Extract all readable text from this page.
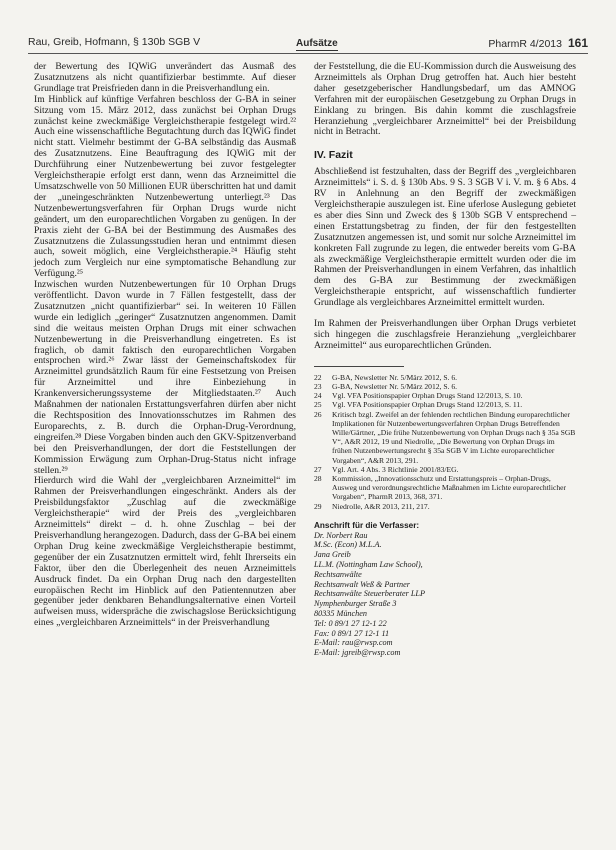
Rau, Greib, Hofmann, § 130b SGB V	Aufsätze	PharmR 4/2013 161

der Bewertung des IQWiG unverändert das Ausmaß des Zusatznutzens als nicht quantifizierbar bestimmte. Auf dieser Grundlage trat Preisfrieden dann in die Preisverhandlung ein.

Im Hinblick auf künftige Verfahren beschloss der G-BA in seiner Sitzung vom 15. März 2012, dass zunächst bei Orphan Drugs zunächst keine zweckmäßige Vergleichstherapie festgelegt wird.²² Auch eine wissenschaftliche Begutachtung durch das IQWiG findet nicht statt. Vielmehr bestimmt der G-BA selbständig das Ausmaß des Zusatznutzens. Eine Beauftragung des IQWiG mit der Durchführung einer Nutzenbewertung bei zuvor festgelegter Vergleichstherapie erfolgt erst dann, wenn das Arzneimittel die Umsatzschwelle von 50 Millionen EUR überschritten hat und damit der „uneingeschränkten Nutzenbewertung unterliegt.²³ Das Nutzenbewertungsverfahren für Orphan Drugs wurde nicht geändert, um den europarechtlichen Vorgaben zu genügen. In der Praxis zieht der G-BA bei der Bestimmung des Ausmaßes des Zusatznutzens die Zulassungsstudien heran und entnimmt diesen auch, soweit möglich, eine Vergleichstherapie.²⁴ Häufig steht jedoch zum Vergleich nur eine symptomatische Behandlung zur Verfügung.²⁵

Inzwischen wurden Nutzenbewertungen für 10 Orphan Drugs veröffentlicht. Davon wurde in 7 Fällen festgestellt, dass der Zusatznutzen „nicht quantifizierbar“ sei. In weiteren 10 Fällen wurde ein lediglich „geringer“ Zusatznutzen angenommen. Damit sind die weitaus meisten Orphan Drugs mit einer schwachen Nutzenbewertung in die Preisverhandlung eingetreten. Es ist fraglich, ob damit faktisch den europarechtlichen Vorgaben entsprochen wird.²⁶ Zwar lässt der Gemeinschaftskodex für Arzneimittel grundsätzlich Raum für eine Festsetzung von Preisen für Arzneimittel und ihre Einbeziehung in Krankenversicherungssysteme der Mitgliedstaaten.²⁷ Auch Maßnahmen der nationalen Erstattungsverfahren dürfen aber nicht die Rechtsposition des Innovationsschutzes im Rahmen des Europarechts, z. B. durch die Orphan-Drug-Verordnung, eingreifen.²⁸ Diese Vorgaben binden auch den GKV-Spitzenverband bei den Preisverhandlungen, der dort die Feststellungen der Kommission Erwägung zum Orphan-Drug-Status nicht infrage stellen.²⁹

Hierdurch wird die Wahl der „vergleichbaren Arzneimittel“ im Rahmen der Preisverhandlungen eingeschränkt. Anders als der Preisbildungsfaktor „Zuschlag auf die zweckmäßige Vergleichstherapie“ wird der Preis des „vergleichbaren Arzneimittels“ direkt – d. h. ohne Zuschlag – bei der Preisverhandlung herangezogen. Dadurch, dass der G-BA bei einem Orphan Drug keine zweckmäßige Vergleichstherapie bestimmt, gegenüber der ein Zusatznutzen ermittelt wird, fehlt Ihrerseits ein Faktor, über den die Überlegenheit des neuen Arzneimittels Ausdruck findet. Da ein Orphan Drug nach den dargestellten europäischen Recht im Hinblick auf den Patientennutzen aber gegenüber jeder denkbaren Behandlungsalternative einen Vorteil aufweisen muss, widerspräche die zwischagslose Berücksichtigung eines „vergleichbaren Arzneimittels“ in der Preisverhandlung

der Feststellung, die die EU-Kommission durch die Ausweisung des Arzneimittels als Orphan Drug getroffen hat. Auch hier besteht daher gesetzgeberischer Handlungsbedarf, um das AMNOG Verfahren mit der europäischen Gesetzgebung zu Orphan Drugs in Einklang zu bringen. Bis dahin kommt die zuschlagsfreie Heranziehung „vergleichbarer Arzneimittel“ bei der Preisbildung nicht in Betracht.

IV. Fazit

Abschließend ist festzuhalten, dass der Begriff des „vergleichbaren Arzneimittels“ i. S. d. § 130b Abs. 9 S. 3 SGB V i. V. m. § 6 Abs. 4 RV in Anlehnung an den Begriff der zweckmäßigen Vergleichstherapie auszulegen ist. Eine uferlose Auslegung gebietet es aber dies Sinn und Zweck des § 130b SGB V entsprechend – einen Erstattungsbetrag zu finden, der für den festgestellten Zusatznutzen angemessen ist, und somit nur solche Arzneimittel im konkreten Fall zugrunde zu legen, die entweder bereits vom G-BA als zweckmäßige Vergleichstherapie ermittelt wurden oder die im Rahmen der Preisverhandlungen in einem Verfahren, das inhaltlich dem des G-BA zur Bestimmung der zweckmäßigen Vergleichstherapie entspricht, auf wissenschaftlich fundierter Grundlage als vergleichbares Arzneimittel ermittelt wurden.

Im Rahmen der Preisverhandlungen über Orphan Drugs verbietet sich hingegen die zuschlagsfreie Heranziehung „vergleichbarer Arzneimittel“ aus europarechtlichen Gründen.

22	G-BA, Newsletter Nr. 5/März 2012, S. 6.
23	G-BA, Newsletter Nr. 5/März 2012, S. 6.
24	Vgl. VFA Positionspapier Orphan Drugs Stand 12/2013, S. 10.
25	Vgl. VFA Positionspapier Orphan Drugs Stand 12/2013, S. 11.
26	Kritisch bzgl. Zweifel an der fehlenden rechtlichen Bindung europarechtlicher Implikationen für Nutzenbewertungsverfahren Orphan Drugs Betreffenden Wille/Gärtner, „Die frühe Nutzenbewertung von Orphan Drugs nach § 35a SGB V“, A&R 2012, 19 und Niedrolle, „Die Bewertung von Orphan Drugs im frühen Nutzenbewertungsrecht § 35a SGB V im Lichte europarechtlicher Vorgaben“, A&R 2013, 291.
27	Vgl. Art. 4 Abs. 3 Richtlinie 2001/83/EG.
28	Kommission, „Innovationsschutz und Erstattungspreis – Orphan-Drugs, Ausweg und verordnungsrechtliche Maßnahmen im Lichte europarechtlicher Vorgaben“, PharmR 2013, 368, 371.
29	Niedrolle, A&R 2013, 211, 217.
Anschrift für die Verfasser:
Dr. Norbert Rau
M.Sc. (Econ) M.L.A.
Jana Greib
LL.M. (Nottingham Law School),
Rechtsanwälte
Rechtsanwalt Weß & Partner
Rechtsanwälte Steuerberater LLP
Nymphenburger Straße 3
80335 München
Tel: 0 89/1 27 12-1 22
Fax: 0 89/1 27 12-1 11
E-Mail: rau@rwsp.com
E-Mail: jgreib@rwsp.com
